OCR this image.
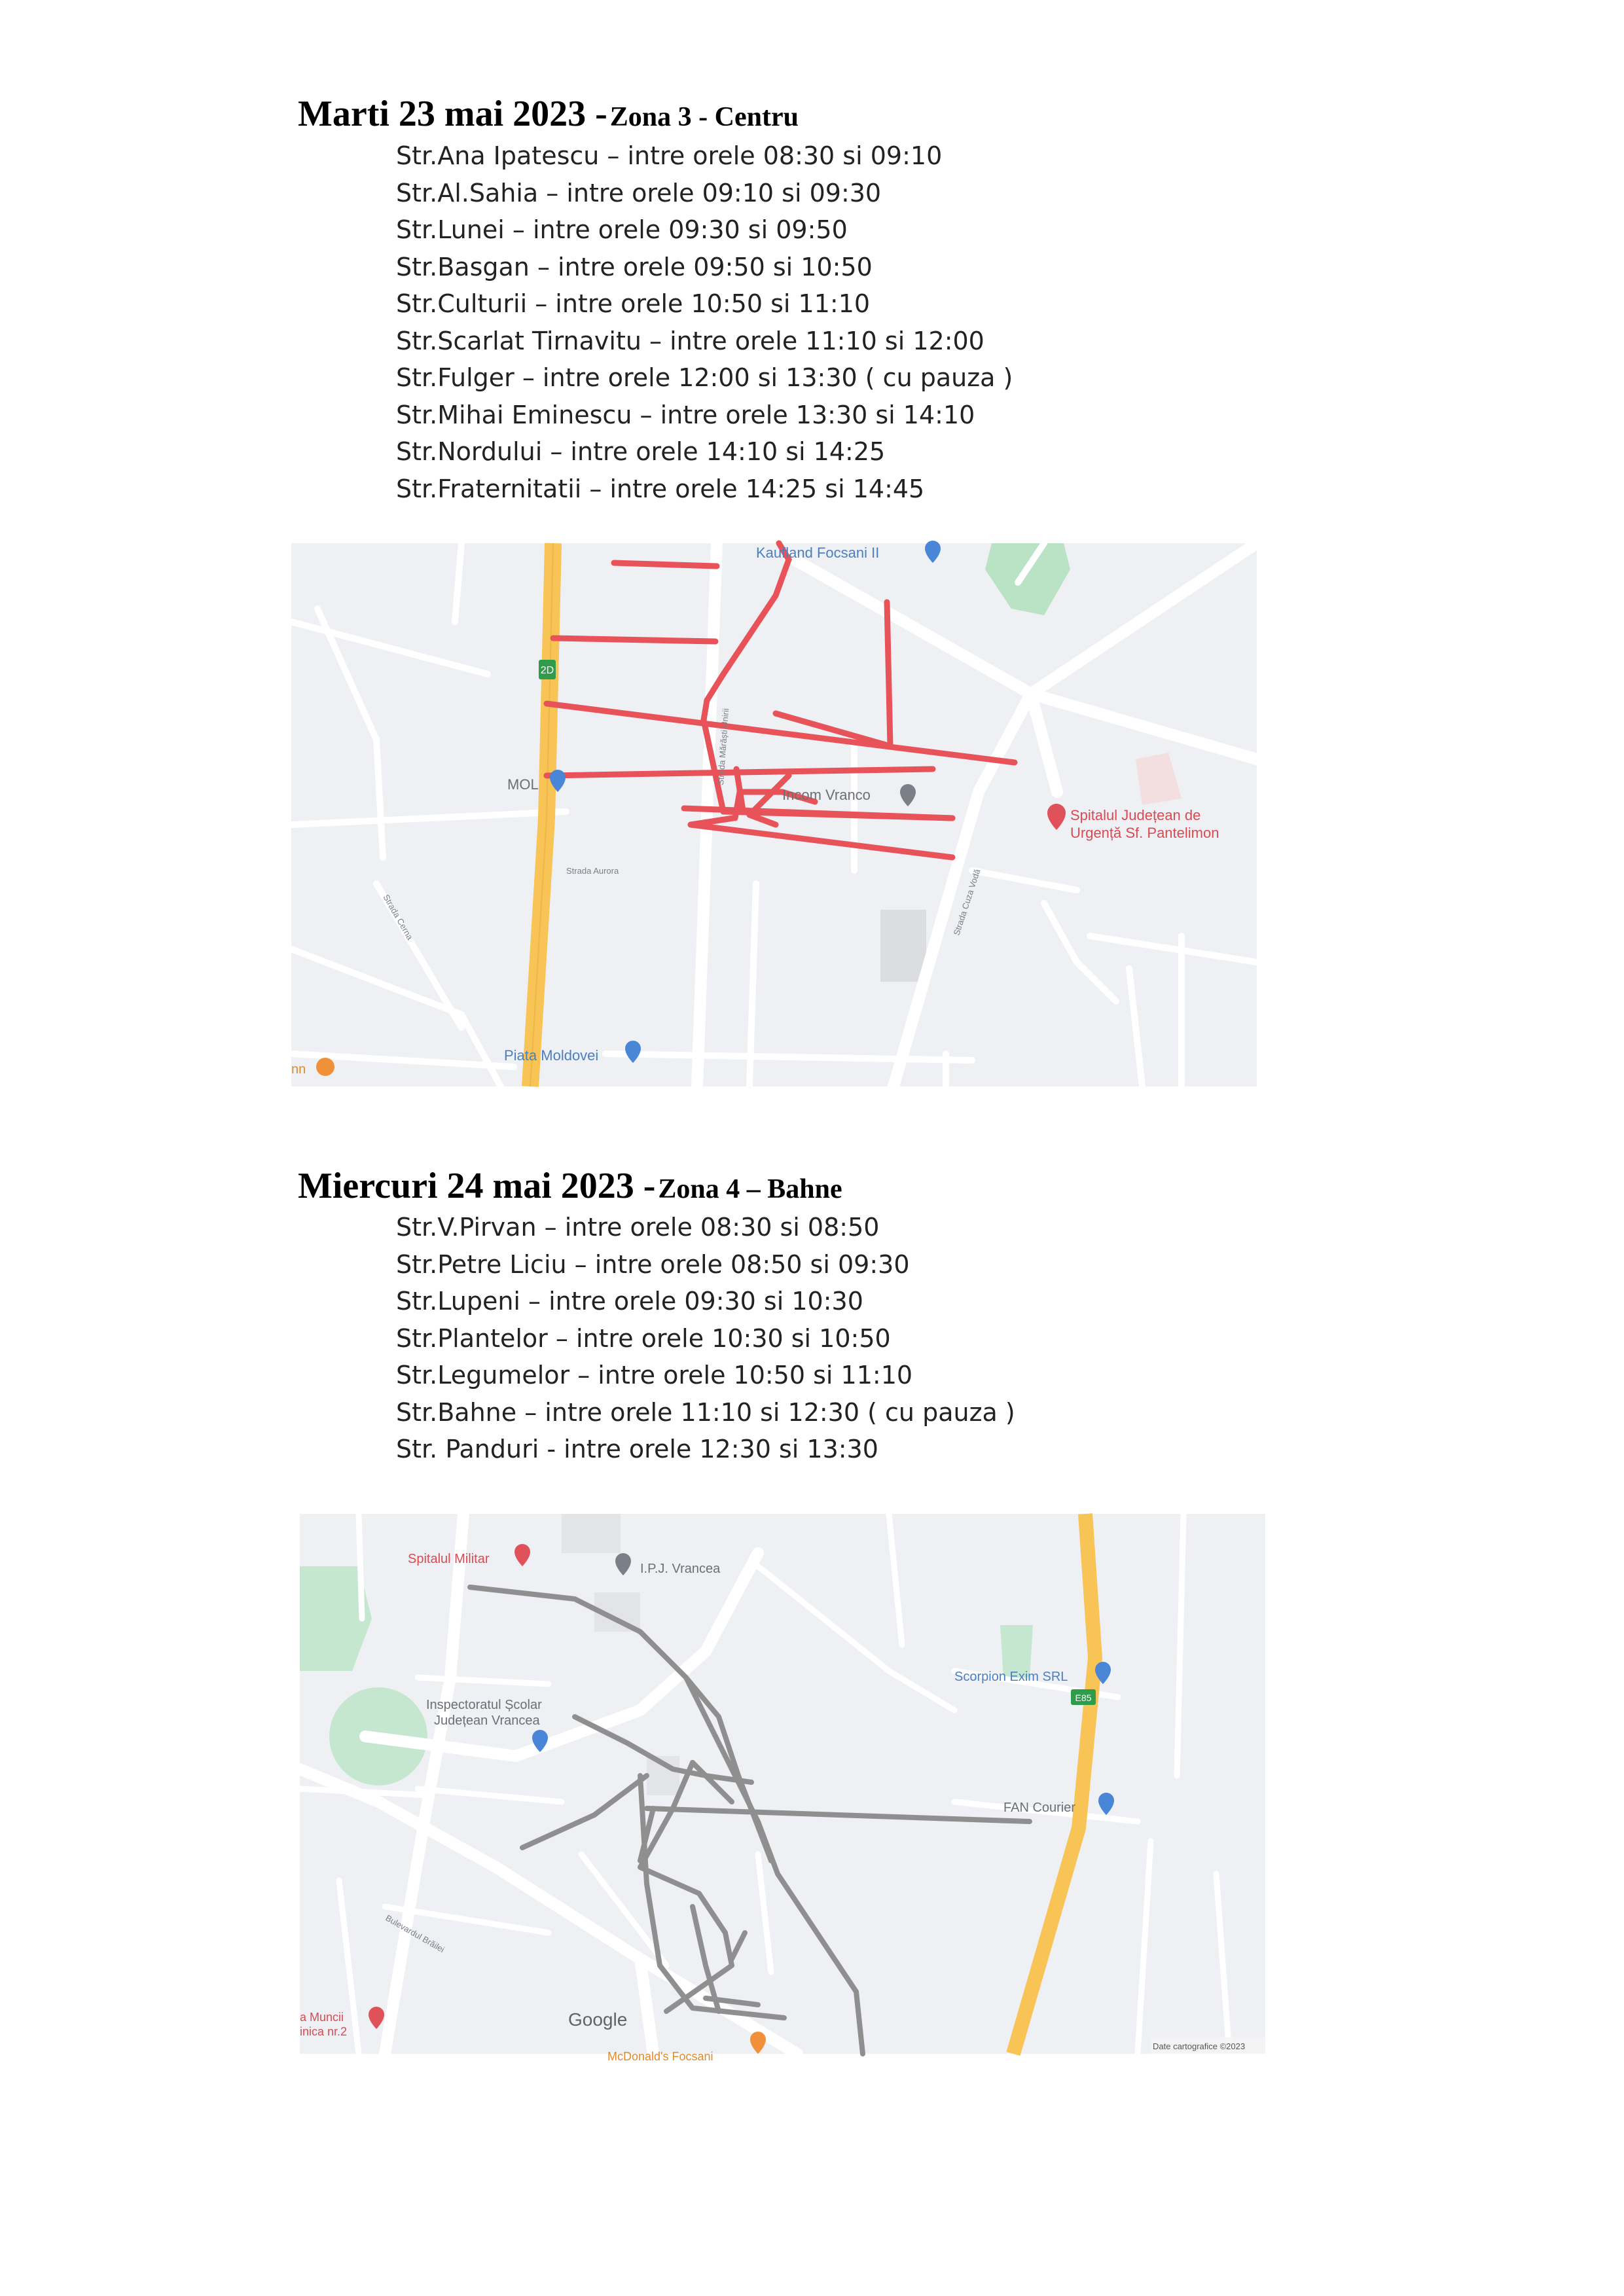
Marti 23 mai 2023 - Zona 3 - Centru
Str.Ana Ipatescu – intre orele 08:30 si 09:10
Str.Al.Sahia – intre orele 09:10 si 09:30
Str.Lunei – intre orele 09:30 si 09:50
Str.Basgan – intre orele 09:50 si 10:50
Str.Culturii – intre orele 10:50 si 11:10
Str.Scarlat Tirnavitu – intre orele 11:10 si 12:00
Str.Fulger – intre orele 12:00 si 13:30 ( cu pauza )
Str.Mihai Eminescu – intre orele 13:30 si 14:10
Str.Nordului – intre orele 14:10 si 14:25
Str.Fraternitatii – intre orele 14:25 si 14:45
2D
Strada Mărăști Unirii
Strada Cuza Vodă
Strada Cerna
Strada Aurora
Kaufland Focsani II
MOL
Incom Vranco
Spitalul Județean de
Urgență Sf. Pantelimon
Piata Moldovei
nn
Miercuri 24 mai 2023 - Zona 4 – Bahne
Str.V.Pirvan – intre orele 08:30 si 08:50
Str.Petre Liciu – intre orele 08:50 si 09:30
Str.Lupeni – intre orele 09:30 si 10:30
Str.Plantelor – intre orele 10:30 si 10:50
Str.Legumelor – intre orele 10:50 si 11:10
Str.Bahne – intre orele 11:10 si 12:30 ( cu pauza )
Str. Panduri - intre orele 12:30 si 13:30
E85
Bulevardul Brăilei
Spitalul Militar
I.P.J. Vrancea
Inspectoratul Școlar
Județean Vrancea
Scorpion Exim SRL
FAN Courier
a Muncii
inica nr.2
Google
McDonald's Focsani
Date cartografice ©2023
